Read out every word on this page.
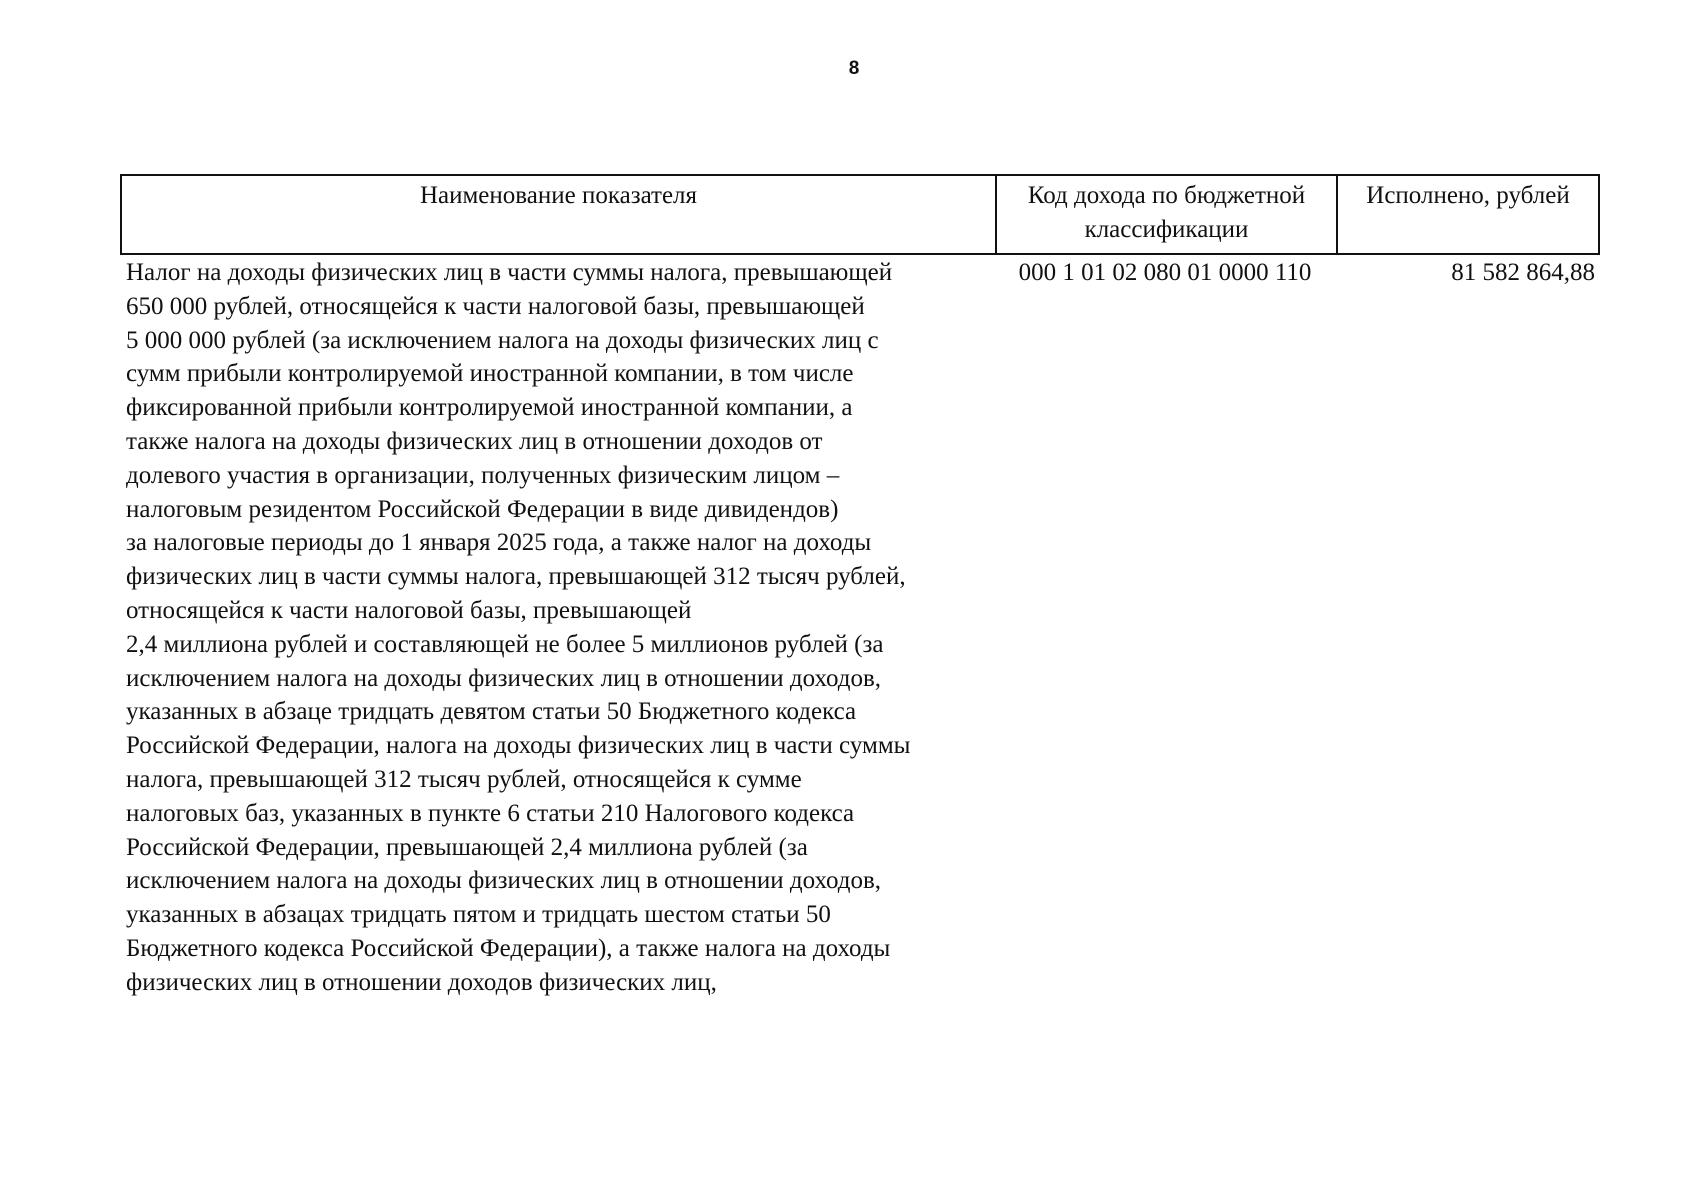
8
Наименование показателя	Код дохода по бюджетной классификации
Исполнено, рублей
Налог на доходы физических лиц в части суммы налога, превышающей
650 000 рублей, относящейся к части налоговой базы, превышающей
5 000 000 рублей (за исключением налога на доходы физических лиц с
сумм прибыли контролируемой иностранной компании, в том числе
фиксированной прибыли контролируемой иностранной компании, а
также налога на доходы физических лиц в отношении доходов от
долевого участия в организации, полученных физическим лицом –
налоговым резидентом Российской Федерации в виде дивидендов)
за налоговые периоды до 1 января 2025 года, а также налог на доходы
физических лиц в части суммы налога, превышающей 312 тысяч рублей,
относящейся к части налоговой базы, превышающей
2,4 миллиона рублей и составляющей не более 5 миллионов рублей (за
исключением налога на доходы физических лиц в отношении доходов,
указанных в абзаце тридцать девятом статьи 50 Бюджетного кодекса
Российской Федерации, налога на доходы физических лиц в части суммы
налога, превышающей 312 тысяч рублей, относящейся к сумме
налоговых баз, указанных в пункте 6 статьи 210 Налогового кодекса
Российской Федерации, превышающей 2,4 миллиона рублей (за
исключением налога на доходы физических лиц в отношении доходов,
указанных в абзацах тридцать пятом и тридцать шестом статьи 50
Бюджетного кодекса Российской Федерации), а также налога на доходы
физических лиц в отношении доходов физических лиц,
000 1 01 02 080 01 0000 110	81 582 864,88
